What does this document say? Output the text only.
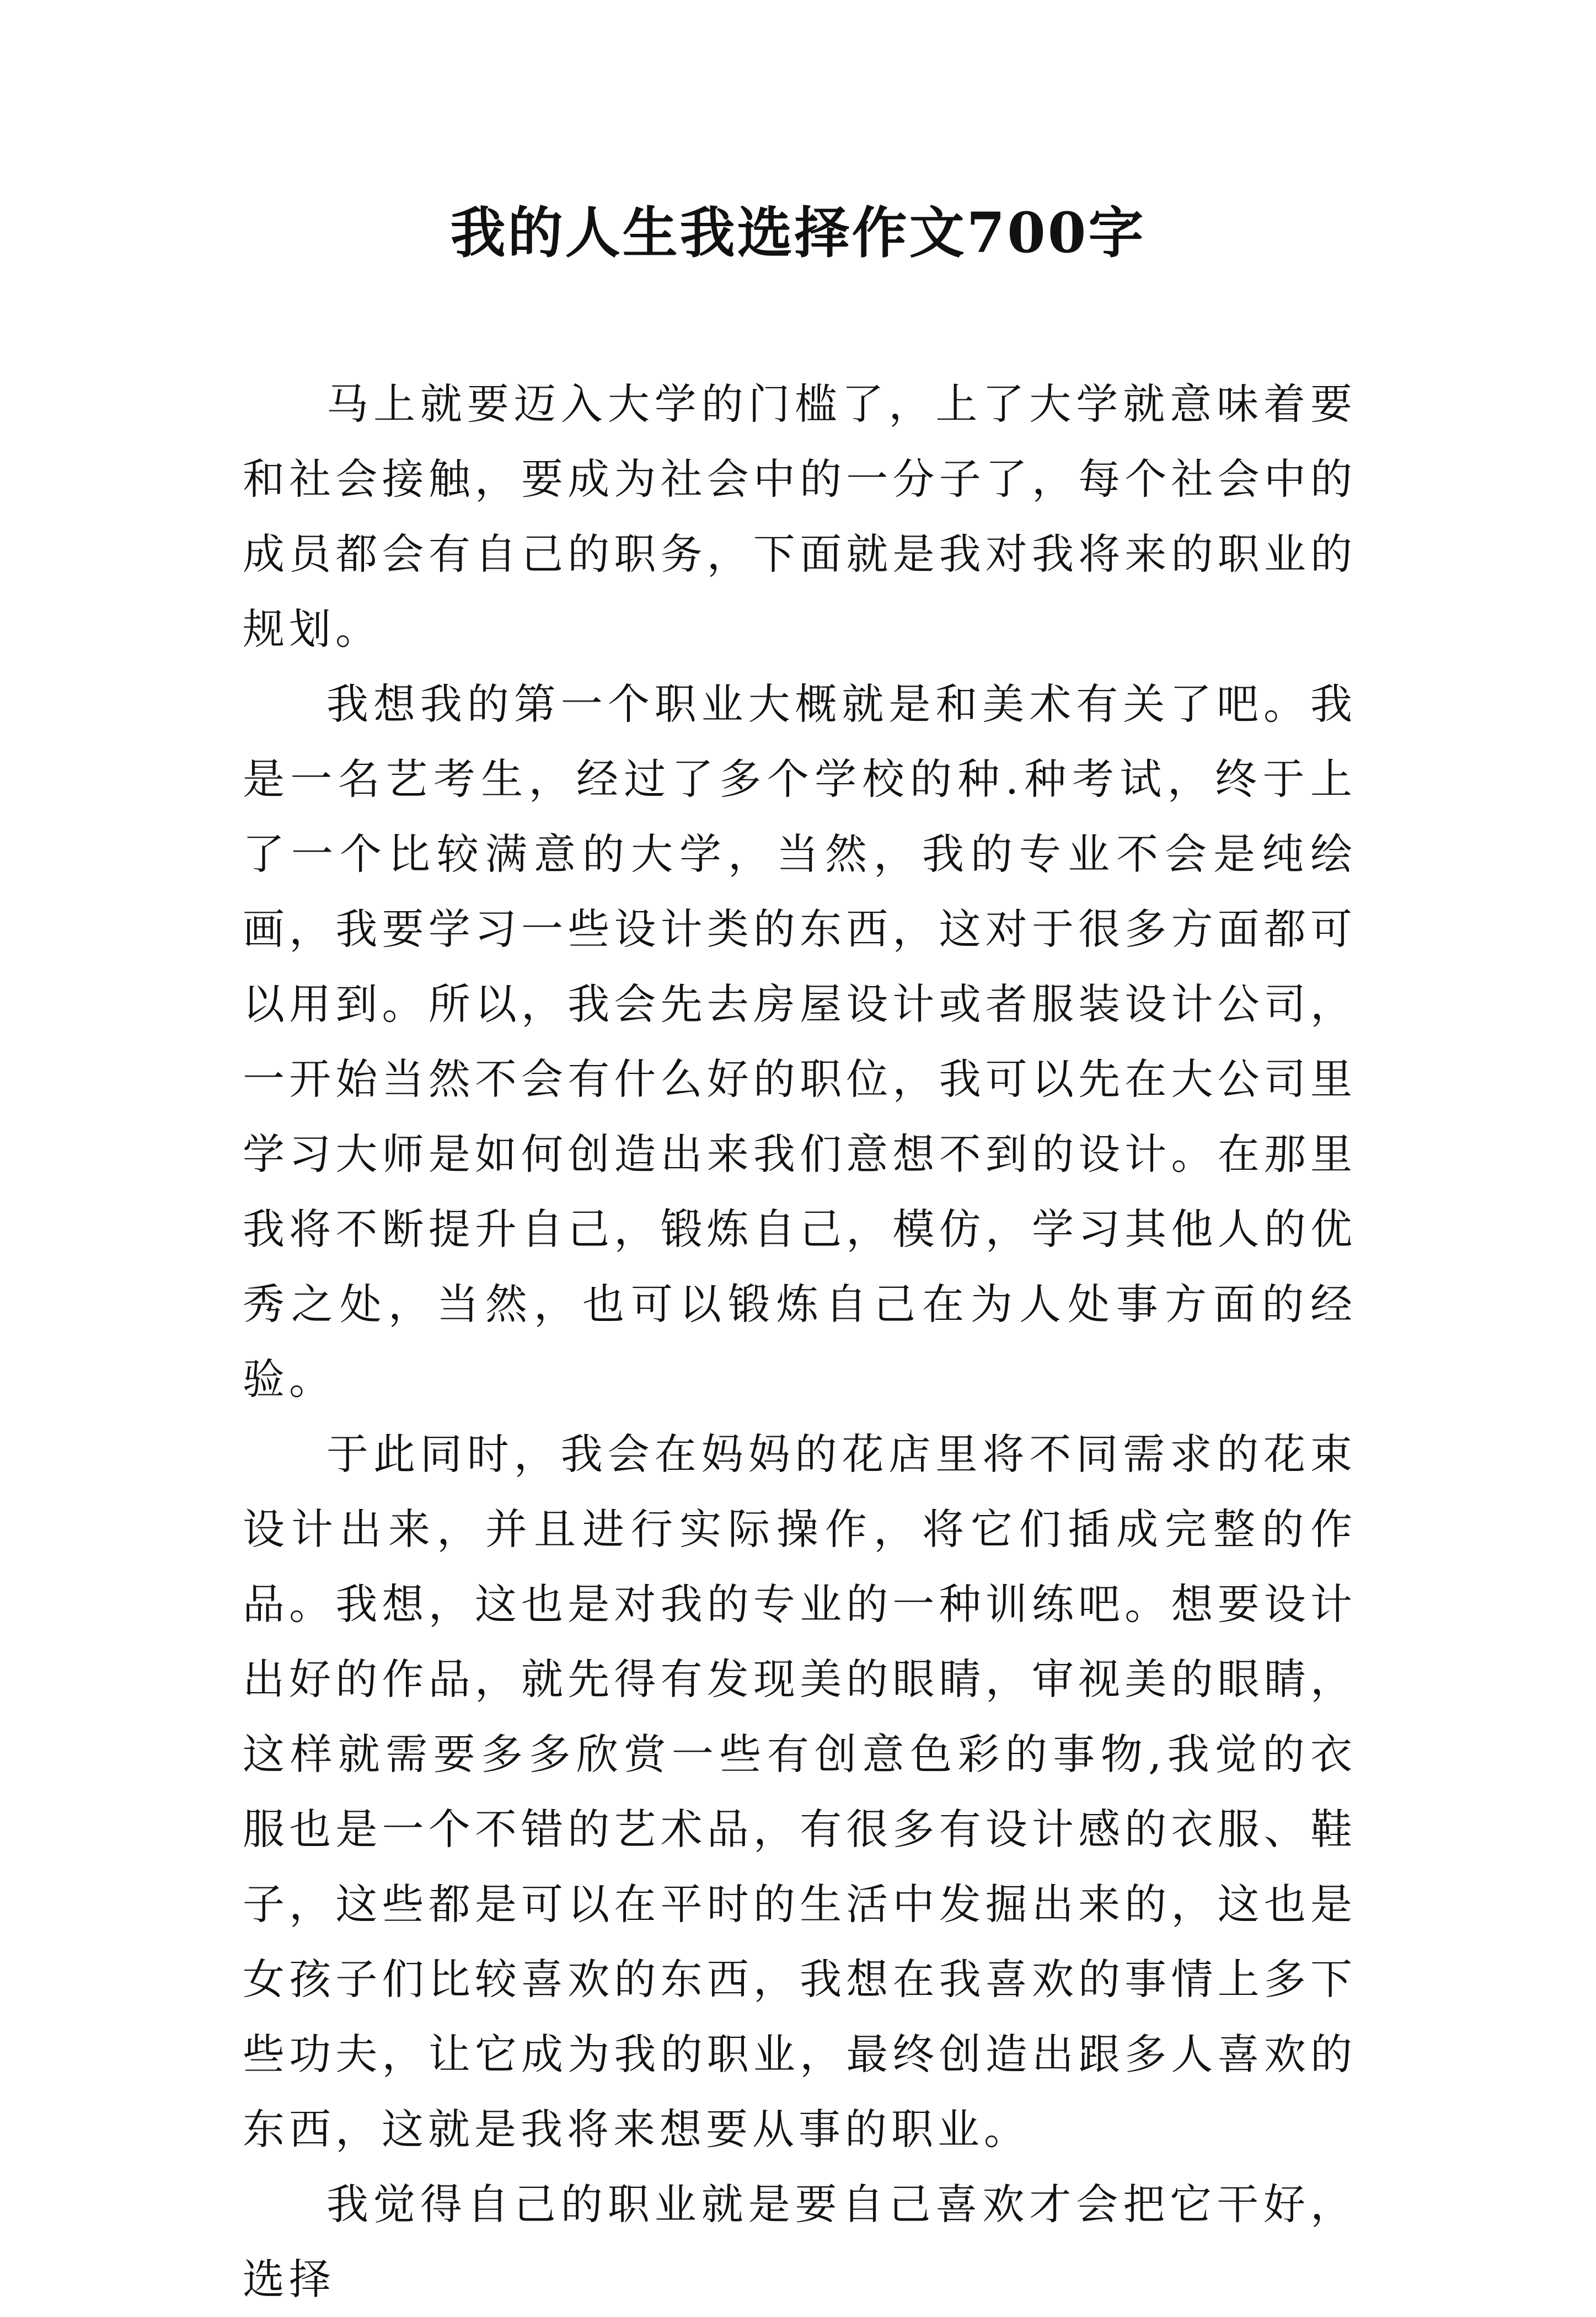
我的人生我选择作文700字

马上就要迈入大学的门槛了，上了大学就意味着要和社会接触，要成为社会中的一分子了，每个社会中的成员都会有自己的职务，下面就是我对我将来的职业的规划。

我想我的第一个职业大概就是和美术有关了吧。我是一名艺考生，经过了多个学校的种.种考试，终于上了一个比较满意的大学，当然，我的专业不会是纯绘画，我要学习一些设计类的东西，这对于很多方面都可以用到。所以，我会先去房屋设计或者服装设计公司，一开始当然不会有什么好的职位，我可以先在大公司里学习大师是如何创造出来我们意想不到的设计。在那里我将不断提升自己，锻炼自己，模仿，学习其他人的优秀之处，当然，也可以锻炼自己在为人处事方面的经验。

于此同时，我会在妈妈的花店里将不同需求的花束设计出来，并且进行实际操作，将它们插成完整的作品。我想，这也是对我的专业的一种训练吧。想要设计出好的作品，就先得有发现美的眼睛，审视美的眼睛，这样就需要多多欣赏一些有创意色彩的事物,我觉的衣服也是一个不错的艺术品，有很多有设计感的衣服、鞋子，这些都是可以在平时的生活中发掘出来的，这也是女孩子们比较喜欢的东西，我想在我喜欢的事情上多下些功夫，让它成为我的职业，最终创造出跟多人喜欢的东西，这就是我将来想要从事的职业。

我觉得自己的职业就是要自己喜欢才会把它干好，选择
